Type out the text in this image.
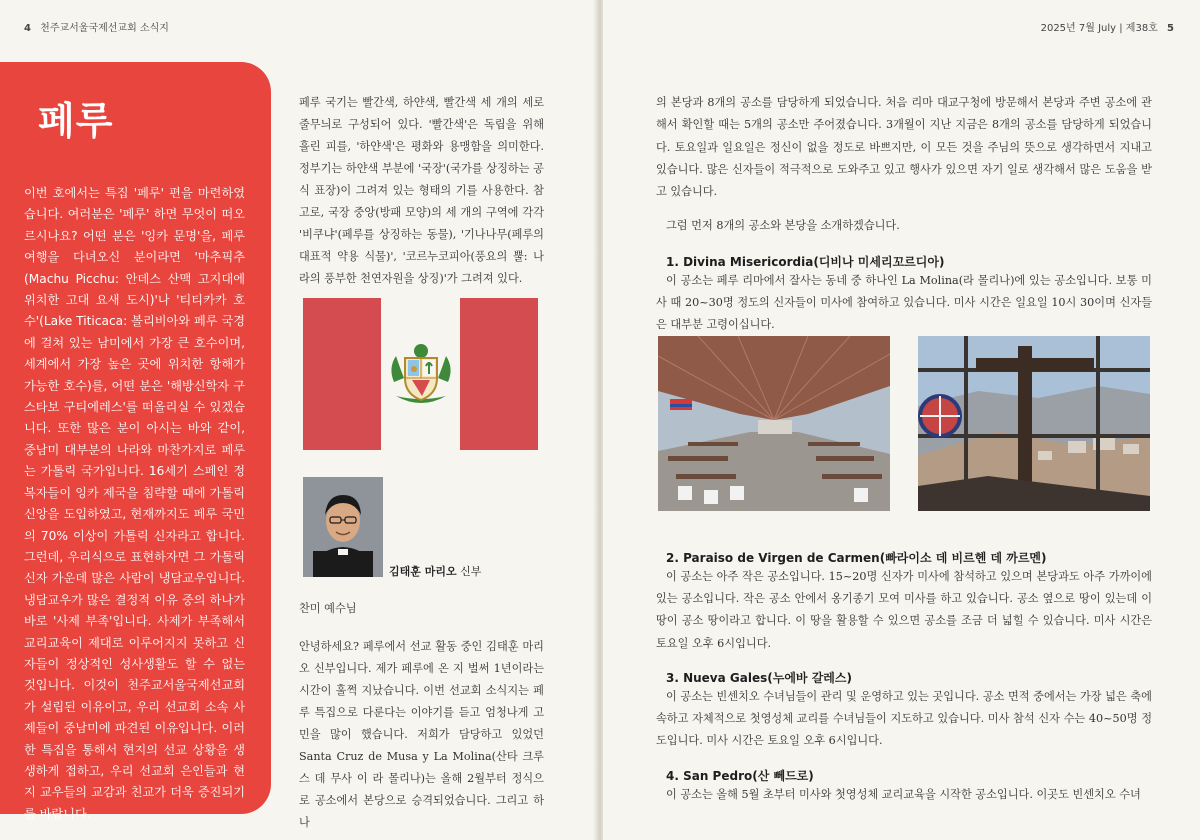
4 천주교서울국제선교회 소식지
페루

이번 호에서는 특집 '페루' 편을 마련하였습니다. 여러분은 '페루' 하면 무엇이 떠오르시나요? 어떤 분은 '잉카 문명'을, 페루 여행을 다녀오신 분이라면 '마추픽추(Machu Picchu: 안데스 산맥 고지대에 위치한 고대 요새 도시)'나 '티티카카 호수'(Lake Titicaca: 볼리비아와 페루 국경에 걸쳐 있는 남미에서 가장 큰 호수이며, 세계에서 가장 높은 곳에 위치한 항해가 가능한 호수)를, 어떤 분은 '해방신학자 구스타보 구티에레스'를 떠올리실 수 있겠습니다. 또한 많은 분이 아시는 바와 같이, 중남미 대부분의 나라와 마찬가지로 페루는 가톨릭 국가입니다. 16세기 스페인 정복자들이 잉카 제국을 침략할 때에 가톨릭 신앙을 도입하였고, 현재까지도 페루 국민의 70% 이상이 가톨릭 신자라고 합니다. 그런데, 우리식으로 표현하자면 그 가톨릭 신자 가운데 많은 사람이 냉담교우입니다. 냉담교우가 많은 결정적 이유 중의 하나가 바로 '사제 부족'입니다. 사제가 부족해서 교리교육이 제대로 이루어지지 못하고 신자들이 정상적인 성사생활도 할 수 없는 것입니다. 이것이 천주교서울국제선교회가 설립된 이유이고, 우리 선교회 소속 사제들이 중남미에 파견된 이유입니다. 이러한 특집을 통해서 현지의 선교 상황을 생생하게 접하고, 우리 선교회 은인들과 현지 교우들의 교감과 친교가 더욱 증진되기를 바랍니다.

페루 국기는 빨간색, 하얀색, 빨간색 세 개의 세로 줄무늬로 구성되어 있다. '빨간색'은 독립을 위해 흘린 피를, '하얀색'은 평화와 용맹함을 의미한다. 정부기는 하얀색 부분에 '국장'(국가를 상징하는 공식 표장)이 그려져 있는 형태의 기를 사용한다. 참고로, 국장 중앙(방패 모양)의 세 개의 구역에 각각 '비쿠냐'(페루를 상징하는 동물), '기나나무(페루의 대표적 약용 식물)', '코르누코피아(풍요의 뿔: 나라의 풍부한 천연자원을 상징)'가 그려져 있다.

김태훈 마리오 신부

찬미 예수님

안녕하세요? 페루에서 선교 활동 중인 김태훈 마리오 신부입니다. 제가 페루에 온 지 벌써 1년이라는 시간이 훌쩍 지났습니다. 이번 선교회 소식지는 페루 특집으로 다룬다는 이야기를 듣고 엄청나게 고민을 많이 했습니다. 저희가 담당하고 있었던 Santa Cruz de Musa y La Molina(산타 크루스 데 무사 이 라 몰리나)는 올해 2월부터 정식으로 공소에서 본당으로 승격되었습니다. 그리고 하나

2025년 7월 July | 제38호 5

의 본당과 8개의 공소를 담당하게 되었습니다. 처음 리마 대교구청에 방문해서 본당과 주변 공소에 관해서 확인할 때는 5개의 공소만 주어졌습니다. 3개월이 지난 지금은 8개의 공소를 담당하게 되었습니다. 토요일과 일요일은 정신이 없을 정도로 바쁘지만, 이 모든 것을 주님의 뜻으로 생각하면서 지내고 있습니다. 많은 신자들이 적극적으로 도와주고 있고 행사가 있으면 자기 일로 생각해서 많은 도움을 받고 있습니다.

그럼 먼저 8개의 공소와 본당을 소개하겠습니다.

1. Divina Misericordia(디비나 미세리꼬르디아)

이 공소는 페루 리마에서 잘사는 동네 중 하나인 La Molina(라 몰리나)에 있는 공소입니다. 보통 미사 때 20~30명 정도의 신자들이 미사에 참여하고 있습니다. 미사 시간은 일요일 10시 30이며 신자들은 대부분 고령이십니다.

2. Paraiso de Virgen de Carmen(빠라이소 데 비르헨 데 까르멘)

이 공소는 아주 작은 공소입니다. 15~20명 신자가 미사에 참석하고 있으며 본당과도 아주 가까이에 있는 공소입니다. 작은 공소 안에서 옹기종기 모여 미사를 하고 있습니다. 공소 옆으로 땅이 있는데 이 땅이 공소 땅이라고 합니다. 이 땅을 활용할 수 있으면 공소를 조금 더 넓힐 수 있습니다. 미사 시간은 토요일 오후 6시입니다.

3. Nueva Gales(누에바 갈레스)

이 공소는 빈센치오 수녀님들이 관리 및 운영하고 있는 곳입니다. 공소 면적 중에서는 가장 넓은 축에 속하고 자체적으로 첫영성체 교리를 수녀님들이 지도하고 있습니다. 미사 참석 신자 수는 40~50명 정도입니다. 미사 시간은 토요일 오후 6시입니다.

4. San Pedro(산 뻬드로)

이 공소는 올해 5월 초부터 미사와 첫영성체 교리교육을 시작한 공소입니다. 이곳도 빈센치오 수녀
